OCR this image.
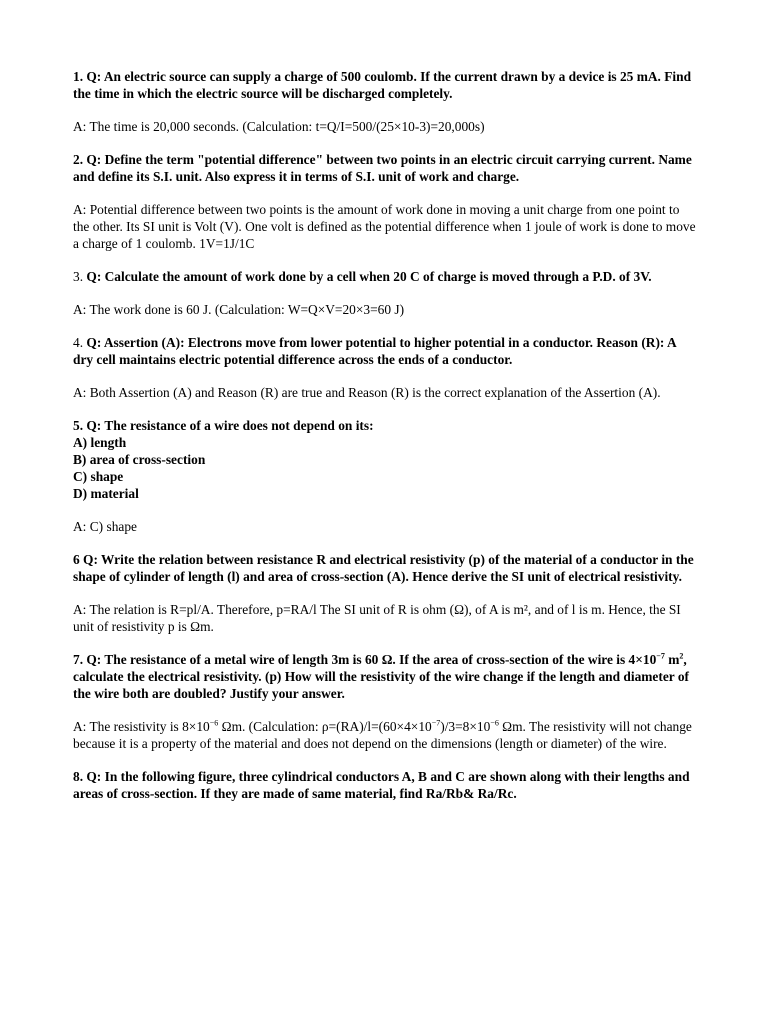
1. Q: An electric source can supply a charge of 500 coulomb. If the current drawn by a device is 25 mA. Find the time in which the electric source will be discharged completely.

A: The time is 20,000 seconds. (Calculation: t=Q/I=500/(25×10-3)=20,000s)

2. Q: Define the term "potential difference" between two points in an electric circuit carrying current. Name and define its S.I. unit. Also express it in terms of S.I. unit of work and charge.

A: Potential difference between two points is the amount of work done in moving a unit charge from one point to the other. Its SI unit is Volt (V). One volt is defined as the potential difference when 1 joule of work is done to move a charge of 1 coulomb. 1V=1J/1C

3. Q: Calculate the amount of work done by a cell when 20 C of charge is moved through a P.D. of 3V.

A: The work done is 60 J. (Calculation: W=Q×V=20×3=60 J)

4. Q: Assertion (A): Electrons move from lower potential to higher potential in a conductor. Reason (R): A dry cell maintains electric potential difference across the ends of a conductor.

A: Both Assertion (A) and Reason (R) are true and Reason (R) is the correct explanation of the Assertion (A).

5. Q: The resistance of a wire does not depend on its:
A) length
B) area of cross-section
C) shape
D) material

A: C) shape

6 Q: Write the relation between resistance R and electrical resistivity (p) of the material of a conductor in the shape of cylinder of length (l) and area of cross-section (A). Hence derive the SI unit of electrical resistivity.

A: The relation is R=pl/A. Therefore, p=RA/l The SI unit of R is ohm (Ω), of A is m², and of l is m. Hence, the SI unit of resistivity p is Ωm.

7. Q: The resistance of a metal wire of length 3m is 60 Ω. If the area of cross-section of the wire is $4\times 10^{-7}$ $m^2$, calculate the electrical resistivity. (p) How will the resistivity of the wire change if the length and diameter of the wire both are doubled? Justify your answer.

A: The resistivity is $8\times 10^{-6}$ Ωm. (Calculation: $\rho=(RA)/l=(60\times 4\times 10^{-7})/3=8\times 10^{-6}$ Ωm. The resistivity will not change because it is a property of the material and does not depend on the dimensions (length or diameter) of the wire.

8. Q: In the following figure, three cylindrical conductors A, B and C are shown along with their lengths and areas of cross-section. If they are made of same material, find Ra/Rb& Ra/Rc.
